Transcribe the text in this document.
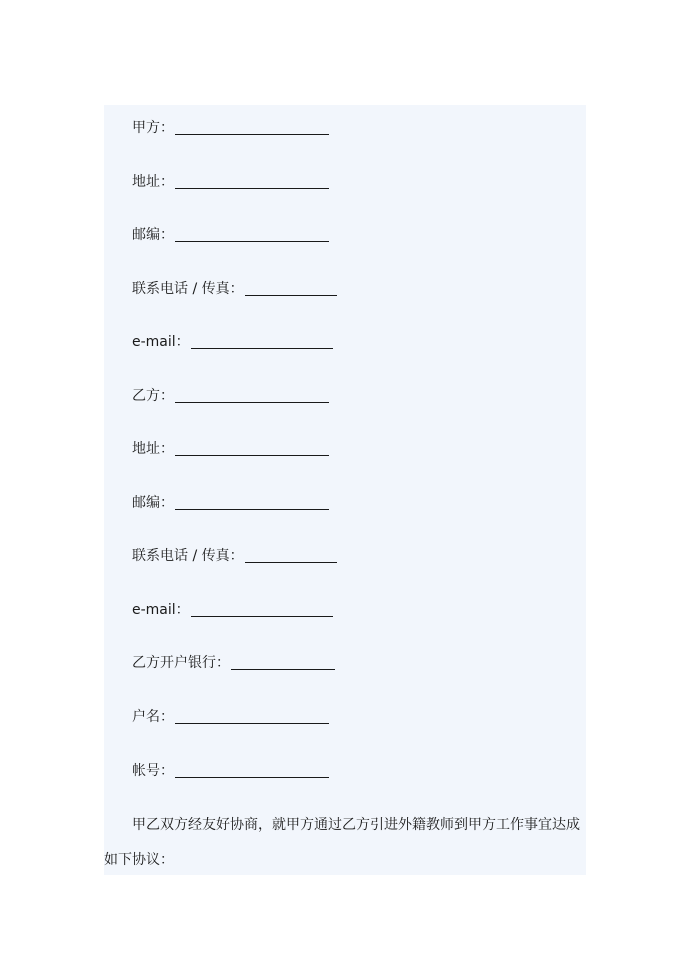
甲方：
地址：
邮编：
联系电话 / 传真：
e-mail：
乙方：
地址：
邮编：
联系电话 / 传真：
e-mail：
乙方开户银行：
户名：
帐号：
甲乙双方经友好协商，就甲方通过乙方引进外籍教师到甲方工作事宜达成
如下协议：
